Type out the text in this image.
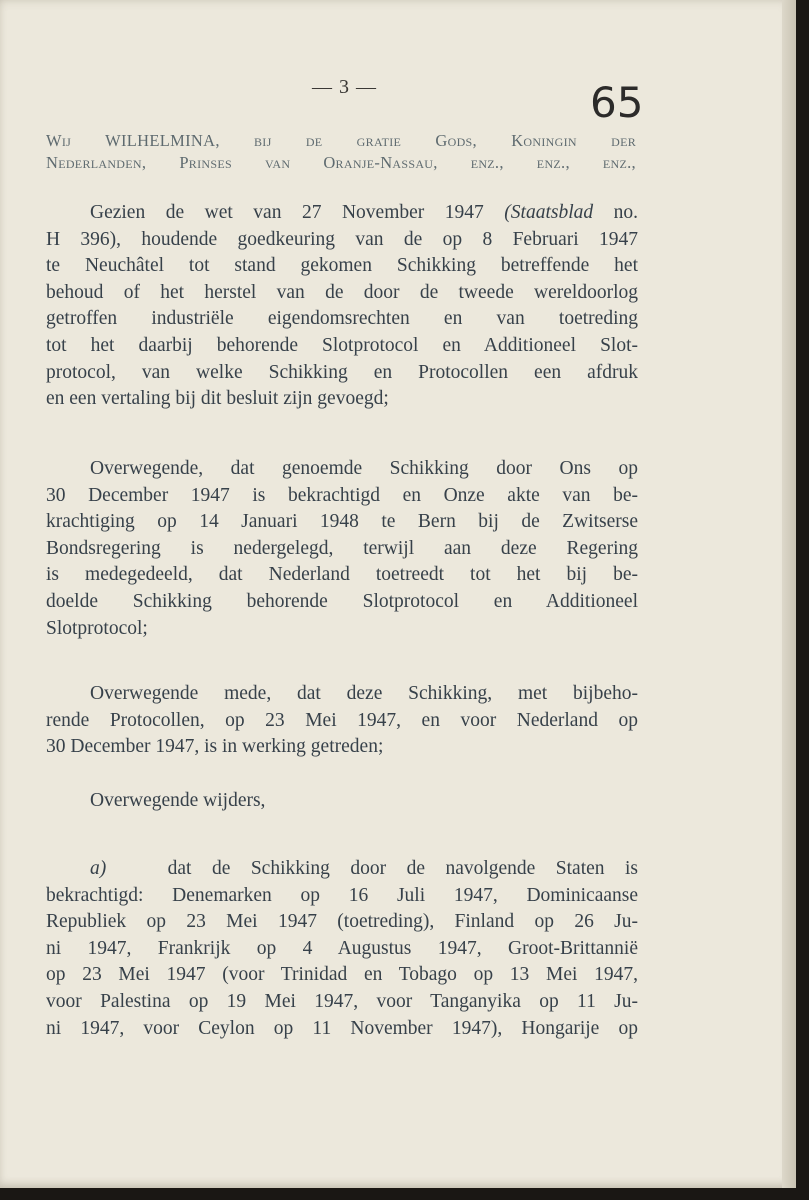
— 3 —	65
Wij WILHELMINA, bij de gratie Gods, Koningin der
Nederlanden, Prinses van Oranje-Nassau, enz., enz., enz.,
Gezien de wet van 27 November 1947 (Staatsblad no.
H 396), houdende goedkeuring van de op 8 Februari 1947
te Neuchâtel tot stand gekomen Schikking betreffende het
behoud of het herstel van de door de tweede wereldoorlog
getroffen industriële eigendomsrechten en van toetreding
tot het daarbij behorende Slotprotocol en Additioneel Slot-
protocol, van welke Schikking en Protocollen een afdruk
en een vertaling bij dit besluit zijn gevoegd;
Overwegende, dat genoemde Schikking door Ons op
30 December 1947 is bekrachtigd en Onze akte van be-
krachtiging op 14 Januari 1948 te Bern bij de Zwitserse
Bondsregering is nedergelegd, terwijl aan deze Regering
is medegedeeld, dat Nederland toetreedt tot het bij be-
doelde Schikking behorende Slotprotocol en Additioneel
Slotprotocol;
Overwegende mede, dat deze Schikking, met bijbeho-
rende Protocollen, op 23 Mei 1947, en voor Nederland op
30 December 1947, is in werking getreden;
Overwegende wijders,
a)	dat de Schikking door de navolgende Staten is
bekrachtigd: Denemarken op 16 Juli 1947, Dominicaanse
Republiek op 23 Mei 1947 (toetreding), Finland op 26 Ju-
ni 1947, Frankrijk op 4 Augustus 1947, Groot-Brittannië
op 23 Mei 1947 (voor Trinidad en Tobago op 13 Mei 1947,
voor Palestina op 19 Mei 1947, voor Tanganyika op 11 Ju-
ni 1947, voor Ceylon op 11 November 1947), Hongarije op
